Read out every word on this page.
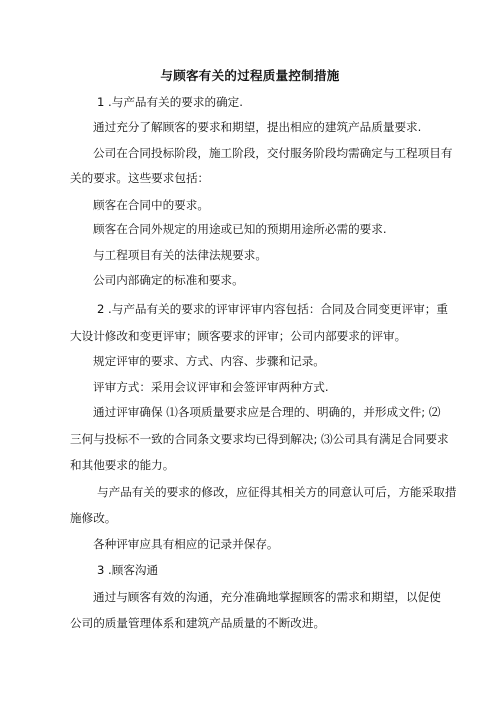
与顾客有关的过程质量控制措施
1 .与产品有关的要求的确定.
通过充分了解顾客的要求和期望，提出相应的建筑产品质量要求.
公司在合同投标阶段，施工阶段，交付服务阶段均需确定与工程项目有
关的要求。这些要求包括：
顾客在合同中的要求。
顾客在合同外规定的用途或已知的预期用途所必需的要求.
与工程项目有关的法律法规要求。
公司内部确定的标准和要求。
2 .与产品有关的要求的评审评审内容包括：合同及合同变更评审；重
大设计修改和变更评审；顾客要求的评审；公司内部要求的评审。
规定评审的要求、方式、内容、步骤和记录。
评审方式：采用会议评审和会签评审两种方式.
通过评审确保 ⑴各项质量要求应是合理的、明确的，并形成文件; ⑵
三何与投标不一致的合同条文要求均已得到解决; ⑶公司具有满足合同要求
和其他要求的能力。
与产品有关的要求的修改，应征得其相关方的同意认可后，方能采取措
施修改。
各种评审应具有相应的记录并保存。
3 .顾客沟通
通过与顾客有效的沟通，充分准确地掌握顾客的需求和期望，以促使
公司的质量管理体系和建筑产品质量的不断改进。
